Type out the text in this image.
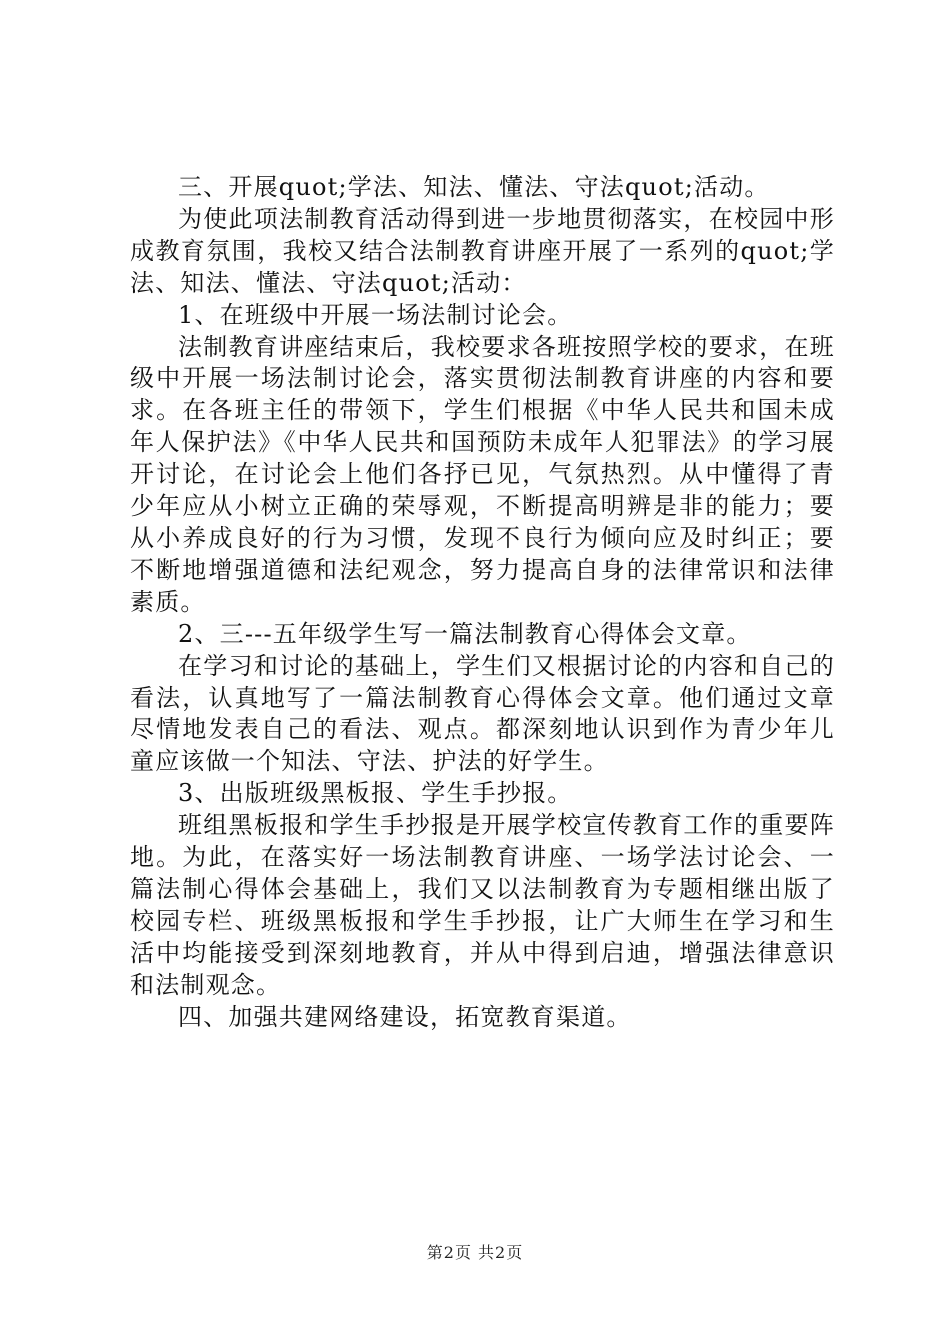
三、开展quot;学法、知法、懂法、守法quot;活动。

为使此项法制教育活动得到进一步地贯彻落实，在校园中形成教育氛围，我校又结合法制教育讲座开展了一系列的quot;学法、知法、懂法、守法quot;活动：

1、在班级中开展一场法制讨论会。

法制教育讲座结束后，我校要求各班按照学校的要求，在班级中开展一场法制讨论会，落实贯彻法制教育讲座的内容和要求。在各班主任的带领下，学生们根据《中华人民共和国未成年人保护法》《中华人民共和国预防未成年人犯罪法》的学习展开讨论，在讨论会上他们各抒已见，气氛热烈。从中懂得了青少年应从小树立正确的荣辱观，不断提高明辨是非的能力；要从小养成良好的行为习惯，发现不良行为倾向应及时纠正；要不断地增强道德和法纪观念，努力提高自身的法律常识和法律素质。

2、三---五年级学生写一篇法制教育心得体会文章。

在学习和讨论的基础上，学生们又根据讨论的内容和自己的看法，认真地写了一篇法制教育心得体会文章。他们通过文章尽情地发表自己的看法、观点。都深刻地认识到作为青少年儿童应该做一个知法、守法、护法的好学生。

3、出版班级黑板报、学生手抄报。

班组黑板报和学生手抄报是开展学校宣传教育工作的重要阵地。为此，在落实好一场法制教育讲座、一场学法讨论会、一篇法制心得体会基础上，我们又以法制教育为专题相继出版了校园专栏、班级黑板报和学生手抄报，让广大师生在学习和生活中均能接受到深刻地教育，并从中得到启迪，增强法律意识和法制观念。

四、加强共建网络建设，拓宽教育渠道。

第2页 共2页
